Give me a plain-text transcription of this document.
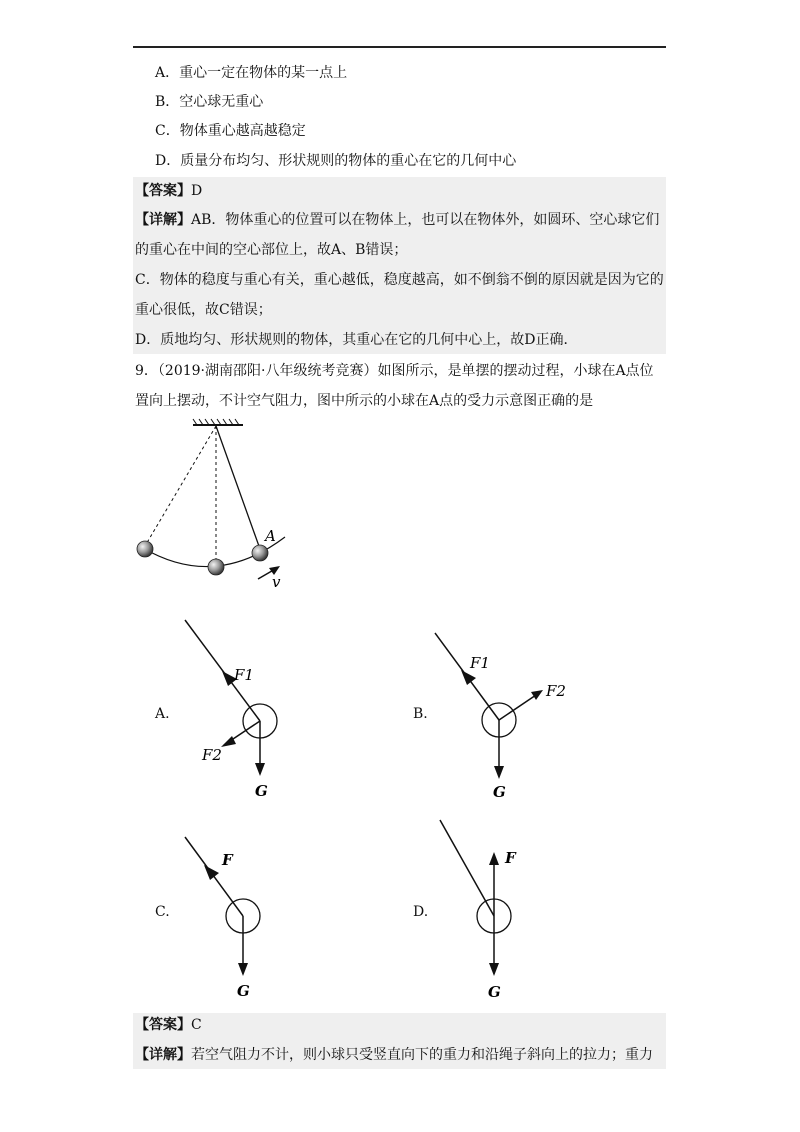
A．重心一定在物体的某一点上
B．空心球无重心
C．物体重心越高越稳定
D．质量分布均匀、形状规则的物体的重心在它的几何中心
【答案】D
【详解】AB．物体重心的位置可以在物体上，也可以在物体外，如圆环、空心球它们
的重心在中间的空心部位上，故A、B错误；
C．物体的稳度与重心有关，重心越低，稳度越高，如不倒翁不倒的原因就是因为它的
重心很低，故C错误；
D．质地均匀、形状规则的物体，其重心在它的几何中心上，故D正确．
9．（2019·湖南邵阳·八年级统考竞赛）如图所示，是单摆的摆动过程，小球在A点位
置向上摆动，不计空气阻力，图中所示的小球在A点的受力示意图正确的是
A
v
A.
F1
F2
G
B.
F1
F2
G
C.
F
G
D.
F
G
【答案】C
【详解】若空气阻力不计，则小球只受竖直向下的重力和沿绳子斜向上的拉力；重力
